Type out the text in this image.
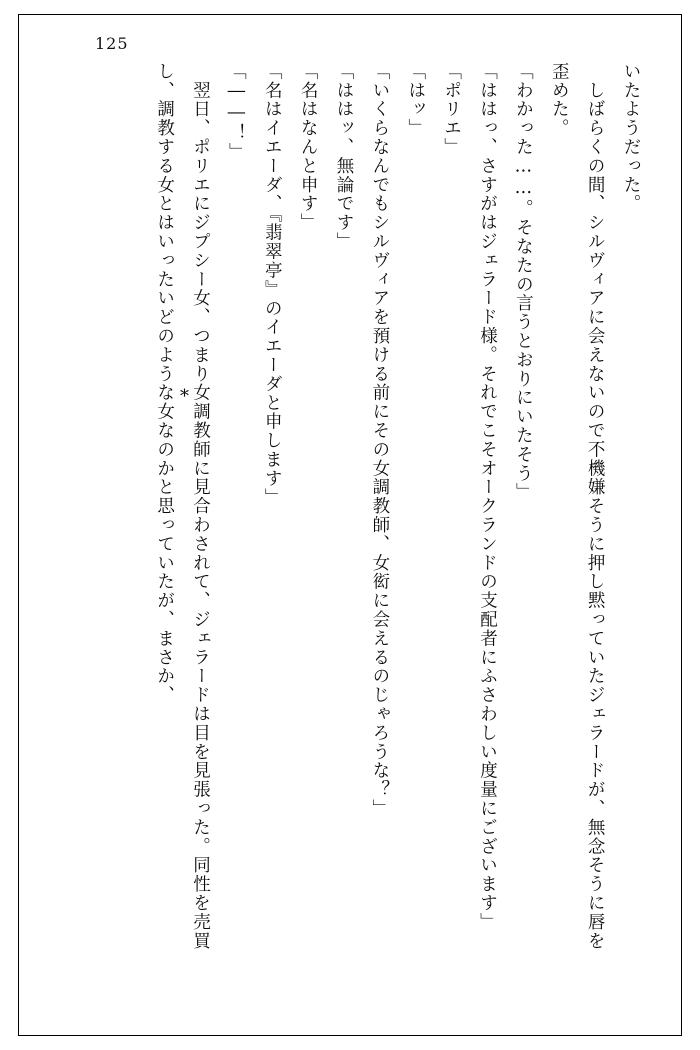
125
*

いたようだった。

　しばらくの間、シルヴィアに会えないので不機嫌そうに押し黙っていたジェラードが、無念そうに唇を歪めた。

「わかった……。そなたの言うとおりにいたそう」

「ははっ、さすがはジェラード様。それでこそオークランドの支配者にふさわしい度量にございます」

「ポリエ」

「はッ」

「いくらなんでもシルヴィアを預ける前にその女調教師、女衒に会えるのじゃろうな？」

「ははッ、無論です」

「名はなんと申す」

「名はイエーダ、『翡翠亭』のイエーダと申します」

「――！」

　翌日、ポリエにジプシー女、つまり女調教師に見合わされて、ジェラードは目を見張った。同性を売買し、調教する女とはいったいどのような女なのかと思っていたが、まさか、
